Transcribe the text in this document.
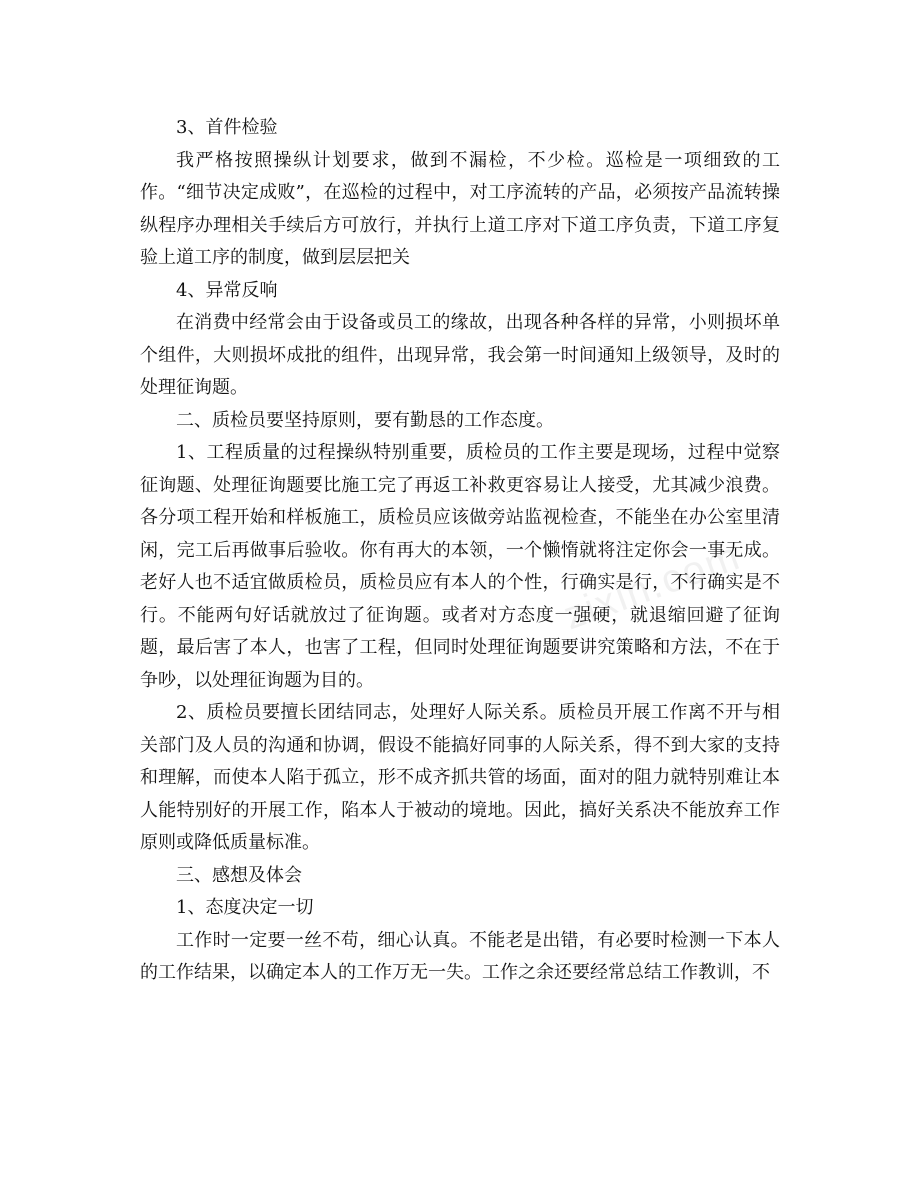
3、首件检验

我严格按照操纵计划要求，做到不漏检，不少检。巡检是一项细致的工作。“细节决定成败”，在巡检的过程中，对工序流转的产品，必须按产品流转操纵程序办理相关手续后方可放行，并执行上道工序对下道工序负责，下道工序复验上道工序的制度，做到层层把关

4、异常反响

在消费中经常会由于设备或员工的缘故，出现各种各样的异常，小则损坏单个组件，大则损坏成批的组件，出现异常，我会第一时间通知上级领导，及时的处理征询题。

二、质检员要坚持原则，要有勤恳的工作态度。

1、工程质量的过程操纵特别重要，质检员的工作主要是现场，过程中觉察征询题、处理征询题要比施工完了再返工补救更容易让人接受，尤其减少浪费。各分项工程开始和样板施工，质检员应该做旁站监视检查，不能坐在办公室里清闲，完工后再做事后验收。你有再大的本领，一个懒惰就将注定你会一事无成。老好人也不适宜做质检员，质检员应有本人的个性，行确实是行，不行确实是不行。不能两句好话就放过了征询题。或者对方态度一强硬，就退缩回避了征询题，最后害了本人，也害了工程，但同时处理征询题要讲究策略和方法，不在于争吵，以处理征询题为目的。

2、质检员要擅长团结同志，处理好人际关系。质检员开展工作离不开与相关部门及人员的沟通和协调，假设不能搞好同事的人际关系，得不到大家的支持和理解，而使本人陷于孤立，形不成齐抓共管的场面，面对的阻力就特别难让本人能特别好的开展工作，陷本人于被动的境地。因此，搞好关系决不能放弃工作原则或降低质量标准。

三、感想及体会

1、态度决定一切

工作时一定要一丝不苟，细心认真。不能老是出错，有必要时检测一下本人的工作结果，以确定本人的工作万无一失。工作之余还要经常总结工作教训，不

zixin.com
